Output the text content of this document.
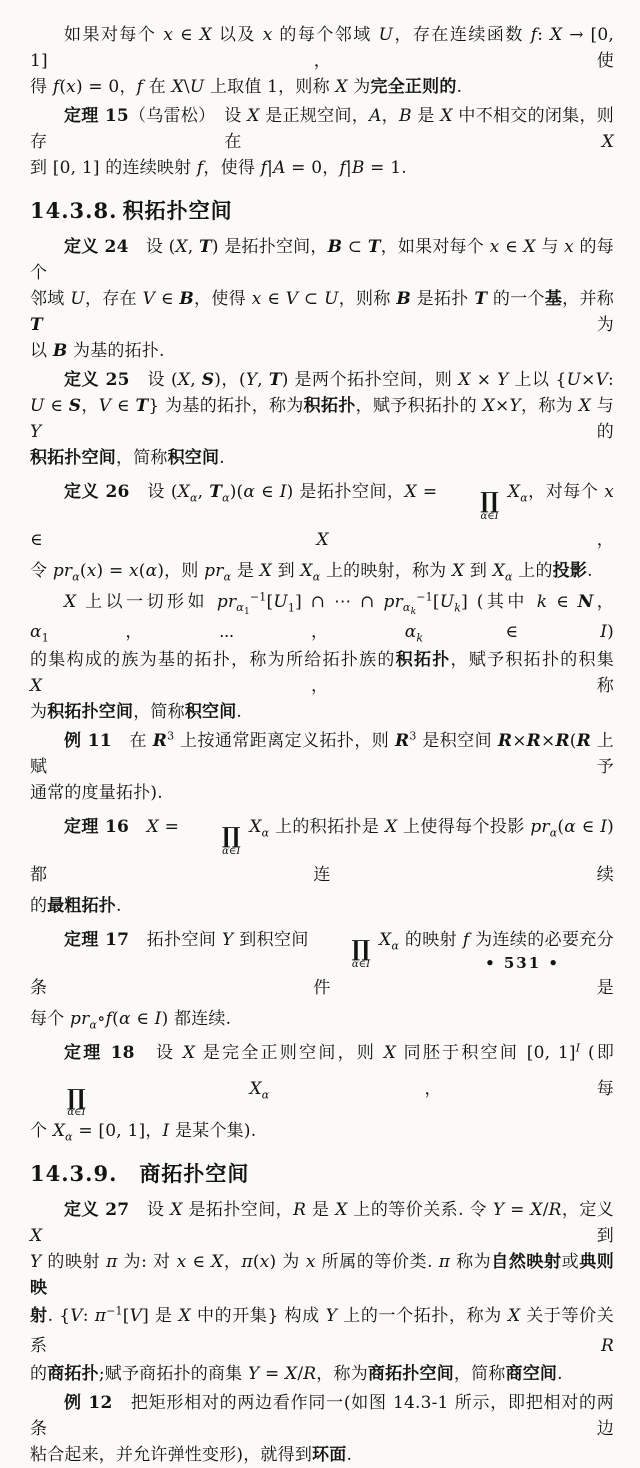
如果对每个 x ∈ X 以及 x 的每个邻域 U，存在连续函数 f: X → [0, 1]，使
得 f(x) = 0，f 在 X\U 上取值 1，则称 X 为完全正则的.
定理 15（乌雷松）　设 X 是正规空间，A，B 是 X 中不相交的闭集，则存在 X
到 [0, 1] 的连续映射 f，使得 f|A = 0，f|B = 1.
14.3.8. 积拓扑空间
定义 24　设 (X, T) 是拓扑空间，B ⊂ T，如果对每个 x ∈ X 与 x 的每个
邻域 U，存在 V ∈ B，使得 x ∈ V ⊂ U，则称 B 是拓扑 T 的一个基，并称 T 为
以 B 为基的拓扑.
定义 25　设 (X, S)，(Y, T) 是两个拓扑空间，则 X × Y 上以 {U×V:
U ∈ S，V ∈ T} 为基的拓扑，称为积拓扑，赋予积拓扑的 X×Y，称为 X 与 Y 的
积拓扑空间，简称积空间.
定义 26　设 ($X_\alpha$, $T_\alpha)(\alpha$ ∈ I) 是拓扑空间，X =	∏
α∈I
$X_\alpha$，对每个 x ∈ X，
令 $pr_\alpha(x) = x(\alpha)$，则 $pr_\alpha$ 是 X 到 $X_\alpha$ 上的映射，称为 X 到 $X_\alpha$ 上的投影.
X 上以一切形如 $pr_{\alpha_1}^{-1}[U_1]$ ∩ ⋯ ∩ $pr_{\alpha_k}^{-1}[U_k]$ (其中 k ∈ N，$\alpha_1$，⋯，$\alpha_k$ ∈ I)
的集构成的族为基的拓扑，称为所给拓扑族的积拓扑，赋予积拓扑的积集 X，称
为积拓扑空间，简称积空间.
例 11　在 $R^3$ 上按通常距离定义拓扑，则 $R^3$ 是积空间 R×R×R(R 上赋予
通常的度量拓扑).
定理 16　 X =	∏
α∈I
$X_\alpha$ 上的积拓扑是 X 上使得每个投影 $pr_\alpha(\alpha$ ∈ I) 都连续
的最粗拓扑.
定理 17　拓扑空间 Y 到积空间	∏
α∈I
$X_\alpha$ 的映射 f 为连续的必要充分条件是
每个 $pr_\alpha\circ f(\alpha$ ∈ I) 都连续.
定理 18　设 X 是完全正则空间，则 X 同胚于积空间 [0, 1]$^I$ (即
∏
α∈I
$X_\alpha$，每
个 $X_\alpha = [0$, 1]，I 是某个集).
14.3.9. 商拓扑空间
定义 27　设 X 是拓扑空间，R 是 X 上的等价关系. 令 Y = X/R，定义 X 到
Y 的映射 π 为: 对 x ∈ X，π(x) 为 x 所属的等价类. π 称为自然映射或典则映
射. {V: $\pi^{-1}[V]$ 是 X 中的开集} 构成 Y 上的一个拓扑，称为 X 关于等价关系 R
的商拓扑;赋予商拓扑的商集 Y = X/R，称为商拓扑空间，简称商空间.
例 12　把矩形相对的两边看作同一(如图 14.3-1 所示，即把相对的两条边
粘合起来，并允许弹性变形)，就得到环面.
• 531 •
